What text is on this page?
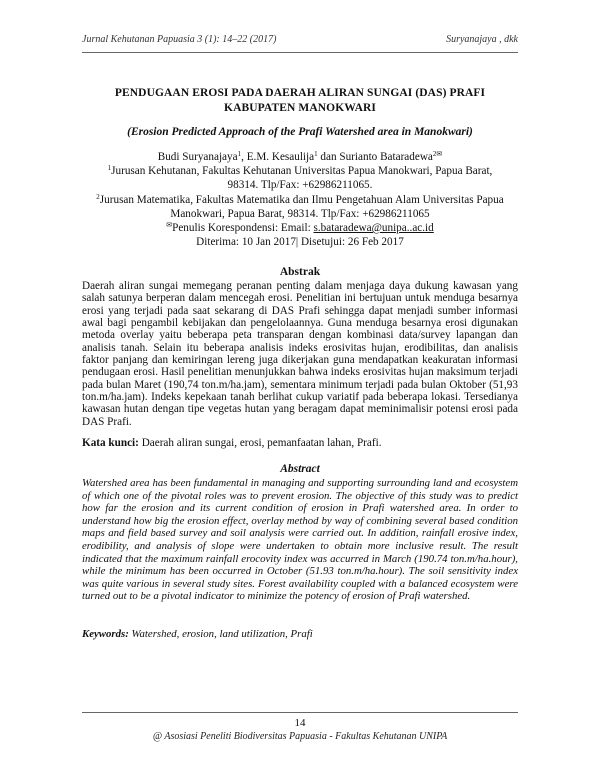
Jurnal Kehutanan Papuasia 3 (1): 14–22 (2017)	Suryanajaya , dkk
PENDUGAAN EROSI PADA DAERAH ALIRAN SUNGAI (DAS) PRAFI
KABUPATEN MANOKWARI
(Erosion Predicted Approach of the Prafi Watershed area in Manokwari)
Budi Suryanajaya$^1$, E.M. Kesaulija$^1$ dan Surianto Bataradewa$^{2✉}$
$^1$Jurusan Kehutanan, Fakultas Kehutanan Universitas Papua Manokwari, Papua Barat,
98314. Tlp/Fax: +62986211065.
$^2$Jurusan Matematika, Fakultas Matematika dan Ilmu Pengetahuan Alam Universitas Papua
Manokwari, Papua Barat, 98314. Tlp/Fax: +62986211065
✉Penulis Korespondensi: Email: s.bataradewa@unipa..ac.id
Diterima: 10 Jan 2017| Disetujui: 26 Feb 2017
Abstrak
Daerah aliran sungai memegang peranan penting dalam menjaga daya dukung kawasan yang salah satunya berperan dalam mencegah erosi. Penelitian ini bertujuan untuk menduga besarnya erosi yang terjadi pada saat sekarang di DAS Prafi sehingga dapat menjadi sumber informasi awal bagi pengambil kebijakan dan pengelolaannya. Guna menduga besarnya erosi digunakan metoda overlay yaitu beberapa peta transparan dengan kombinasi data/survey lapangan dan analisis tanah. Selain itu beberapa analisis indeks erosivitas hujan, erodibilitas, dan analisis faktor panjang dan kemiringan lereng juga dikerjakan guna mendapatkan keakuratan informasi pendugaan erosi. Hasil penelitian menunjukkan bahwa indeks erosivitas hujan maksimum terjadi pada bulan Maret (190,74 ton.m/ha.jam), sementara minimum terjadi pada bulan Oktober (51,93 ton.m/ha.jam). Indeks kepekaan tanah berlihat cukup variatif pada beberapa lokasi. Tersedianya kawasan hutan dengan tipe vegetas hutan yang beragam dapat meminimalisir potensi erosi pada DAS Prafi.
Kata kunci: Daerah aliran sungai, erosi, pemanfaatan lahan, Prafi.
Abstract
Watershed area has been fundamental in managing and supporting surrounding land and ecosystem of which one of the pivotal roles was to prevent erosion. The objective of this study was to predict how far the erosion and its current condition of erosion in Prafi watershed area. In order to understand how big the erosion effect, overlay method by way of combining several based condition maps and field based survey and soil analysis were carried out. In addition, rainfall erosive index, erodibility, and analysis of slope were undertaken to obtain more inclusive result. The result indicated that the maximum rainfall erocovity index was accurred in March (190.74 ton.m/ha.hour), while the minimum has been occurred in October (51.93 ton.m/ha.hour). The soil sensitivity index was quite various in several study sites. Forest availability coupled with a balanced ecosystem were turned out to be a pivotal indicator to minimize the potency of erosion of Prafi watershed.
Keywords: Watershed, erosion, land utilization, Prafi
14
@ Asosiasi Peneliti Biodiversitas Papuasia - Fakultas Kehutanan UNIPA
